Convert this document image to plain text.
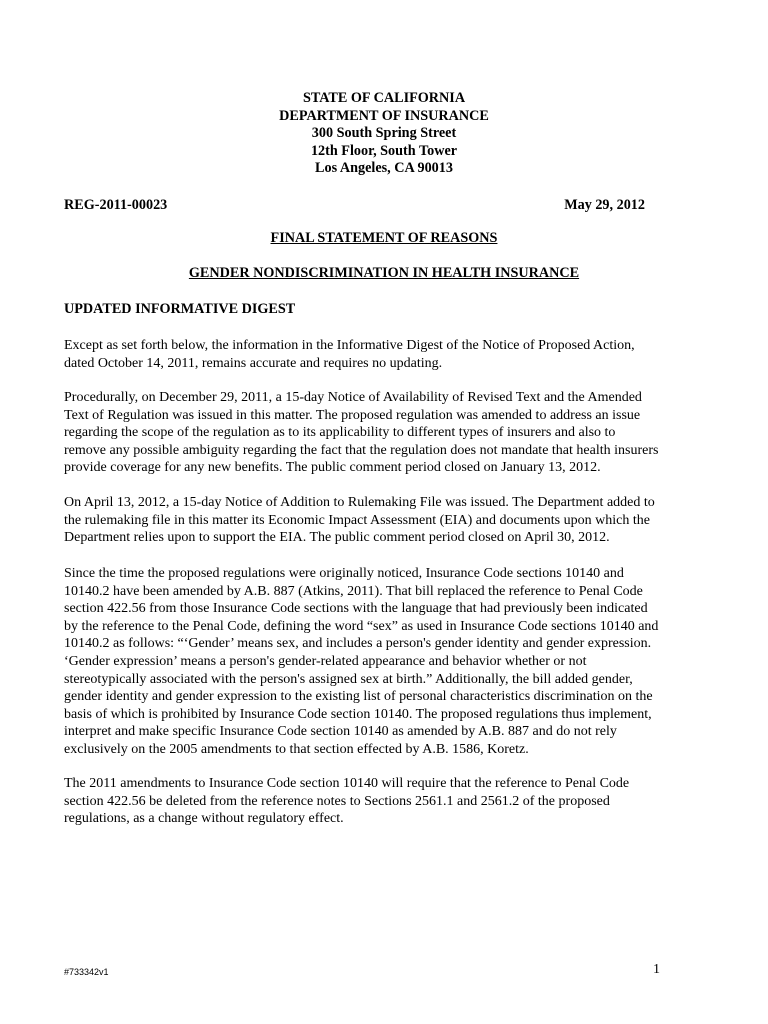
STATE OF CALIFORNIA
DEPARTMENT OF INSURANCE
300 South Spring Street
12th Floor, South Tower
Los Angeles, CA 90013
REG-2011-00023	May 29, 2012
FINAL STATEMENT OF REASONS
GENDER NONDISCRIMINATION IN HEALTH INSURANCE
UPDATED INFORMATIVE DIGEST
Except as set forth below, the information in the Informative Digest of the Notice of Proposed Action,
dated October 14, 2011, remains accurate and requires no updating.
Procedurally, on December 29, 2011, a 15-day Notice of Availability of Revised Text and the Amended
Text of Regulation was issued in this matter. The proposed regulation was amended to address an issue
regarding the scope of the regulation as to its applicability to different types of insurers and also to
remove any possible ambiguity regarding the fact that the regulation does not mandate that health insurers
provide coverage for any new benefits. The public comment period closed on January 13, 2012.
On April 13, 2012, a 15-day Notice of Addition to Rulemaking File was issued. The Department added to
the rulemaking file in this matter its Economic Impact Assessment (EIA) and documents upon which the
Department relies upon to support the EIA. The public comment period closed on April 30, 2012.
Since the time the proposed regulations were originally noticed, Insurance Code sections 10140 and
10140.2 have been amended by A.B. 887 (Atkins, 2011). That bill replaced the reference to Penal Code
section 422.56 from those Insurance Code sections with the language that had previously been indicated
by the reference to the Penal Code, defining the word “sex” as used in Insurance Code sections 10140 and
10140.2 as follows: “‘Gender’ means sex, and includes a person's gender identity and gender expression.
‘Gender expression’ means a person's gender-related appearance and behavior whether or not
stereotypically associated with the person's assigned sex at birth.” Additionally, the bill added gender,
gender identity and gender expression to the existing list of personal characteristics discrimination on the
basis of which is prohibited by Insurance Code section 10140. The proposed regulations thus implement,
interpret and make specific Insurance Code section 10140 as amended by A.B. 887 and do not rely
exclusively on the 2005 amendments to that section effected by A.B. 1586, Koretz.
The 2011 amendments to Insurance Code section 10140 will require that the reference to Penal Code
section 422.56 be deleted from the reference notes to Sections 2561.1 and 2561.2 of the proposed
regulations, as a change without regulatory effect.
#733342v1	1
